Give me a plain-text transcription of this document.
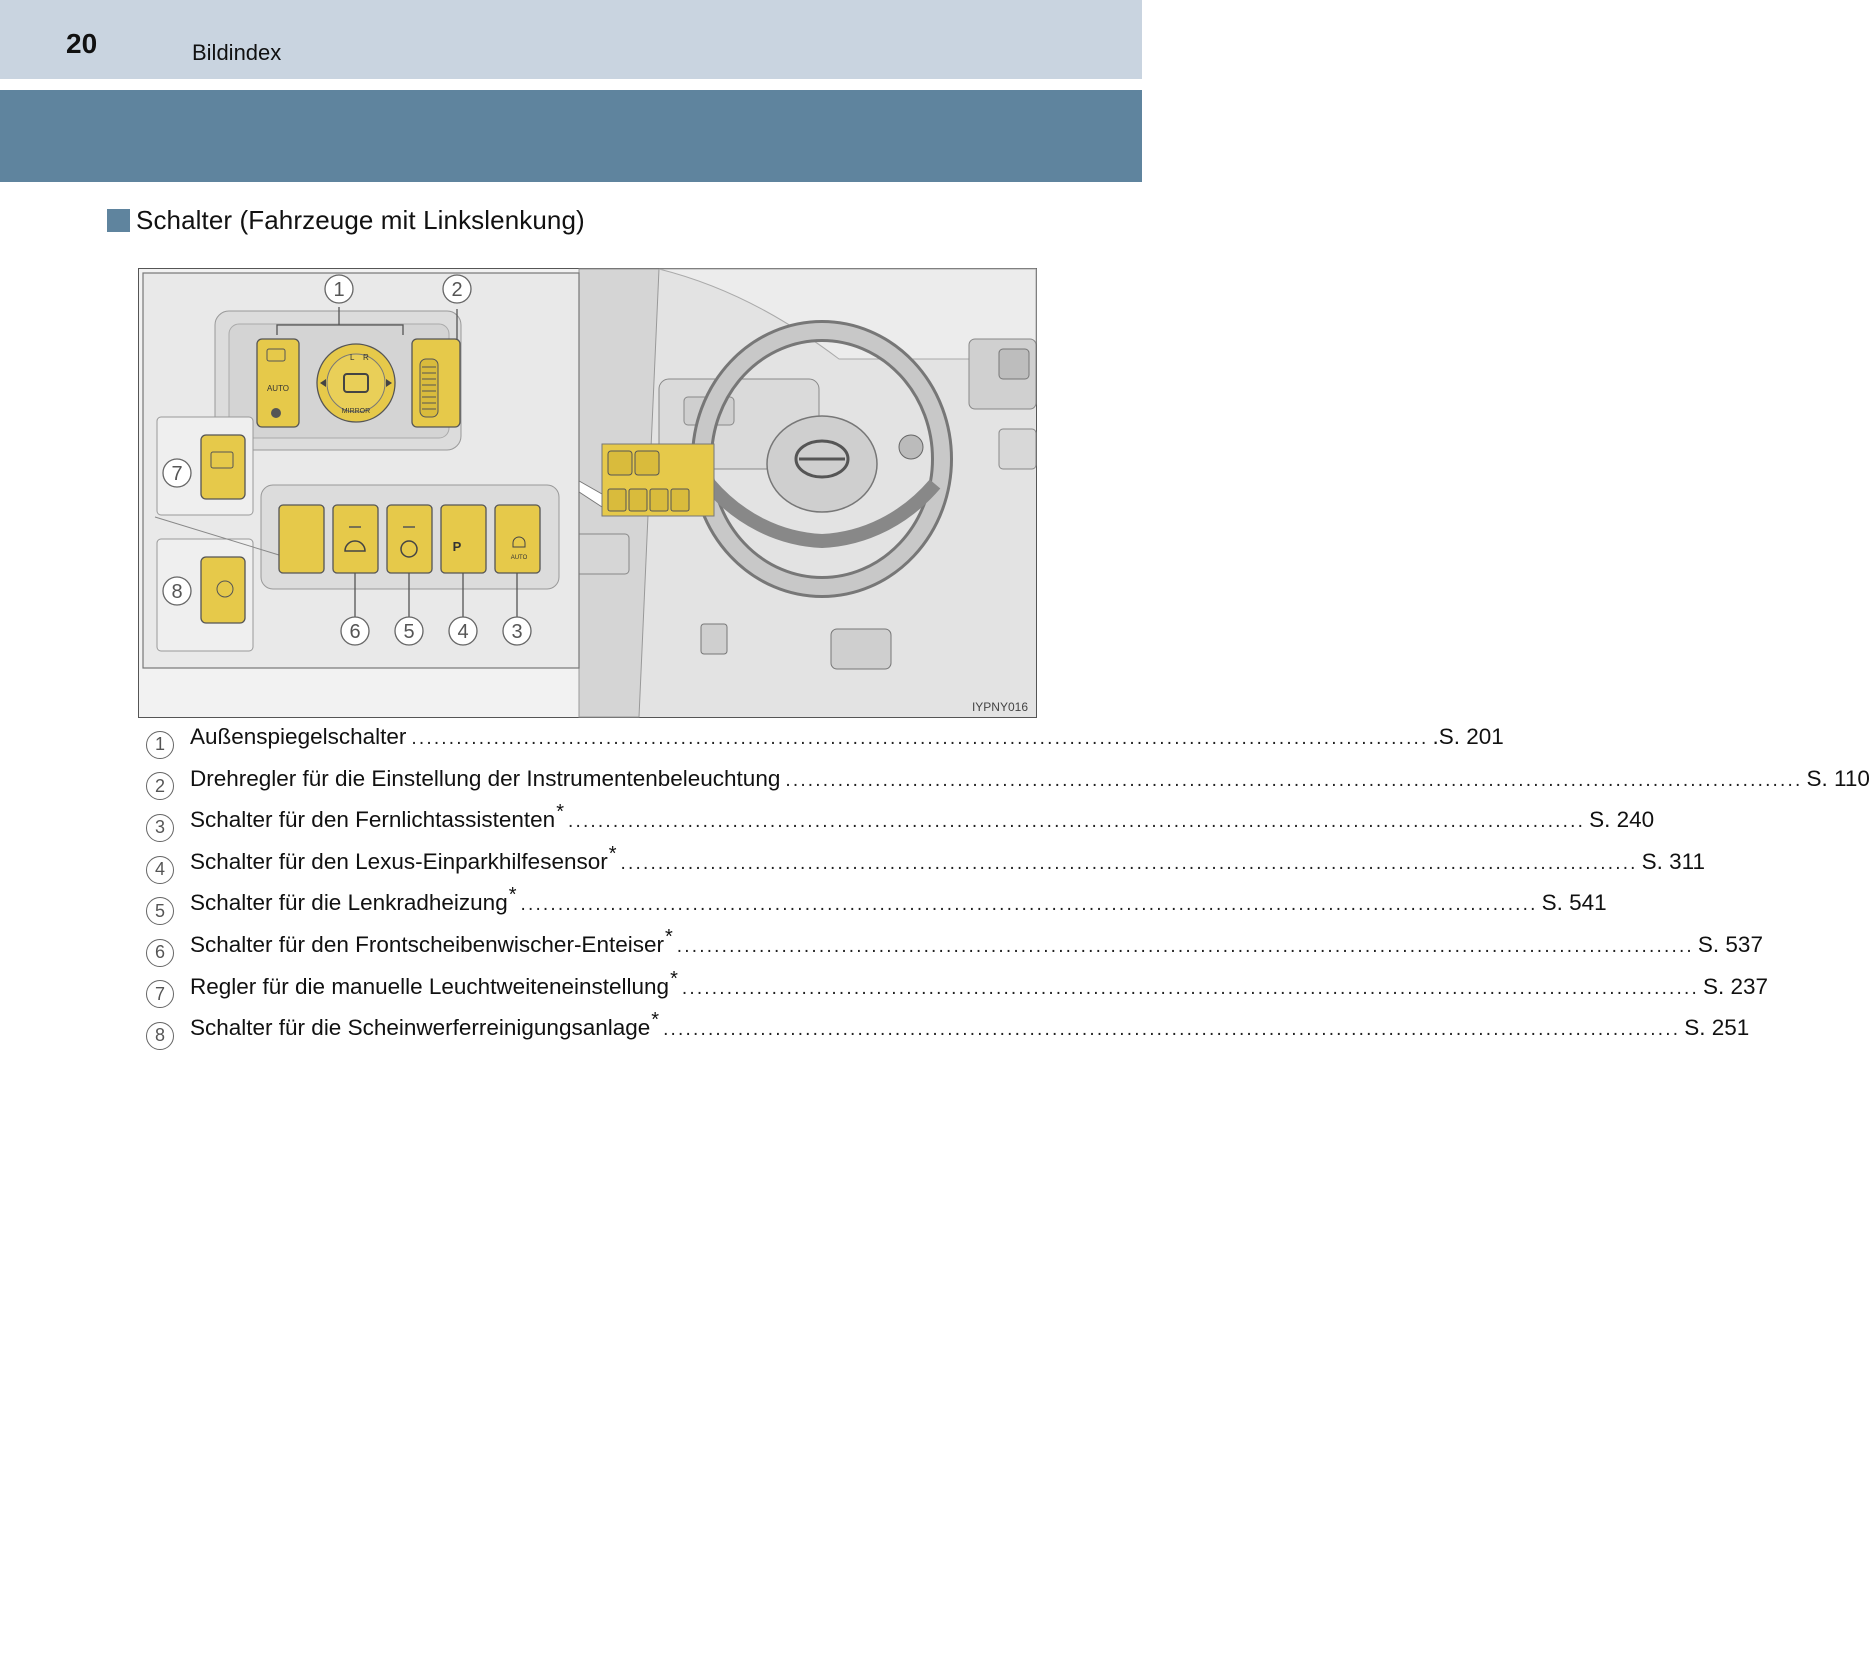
20	Bildindex
Schalter (Fahrzeuge mit Linkslenkung)
AUTO
L R
MIRROR
1	2
7
8
P
AUTO
6 5 4 3
IYPNY016
1	Außenspiegelschalter ........................................................................................................................................ .S. 201
2	Drehregler für die Einstellung der Instrumentenbeleuchtung ........................................................................................................................................ S. 110
3	Schalter für den Fernlichtassistenten * ........................................................................................................................................ S. 240
4	Schalter für den Lexus-Einparkhilfesensor * ........................................................................................................................................ S. 311
5	Schalter für die Lenkradheizung * ........................................................................................................................................ S. 541
6	Schalter für den Frontscheibenwischer-Enteiser * ........................................................................................................................................ S. 537
7	Regler für die manuelle Leuchtweiteneinstellung * ........................................................................................................................................ S. 237
8	Schalter für die Scheinwerferreinigungsanlage * ........................................................................................................................................ S. 251
